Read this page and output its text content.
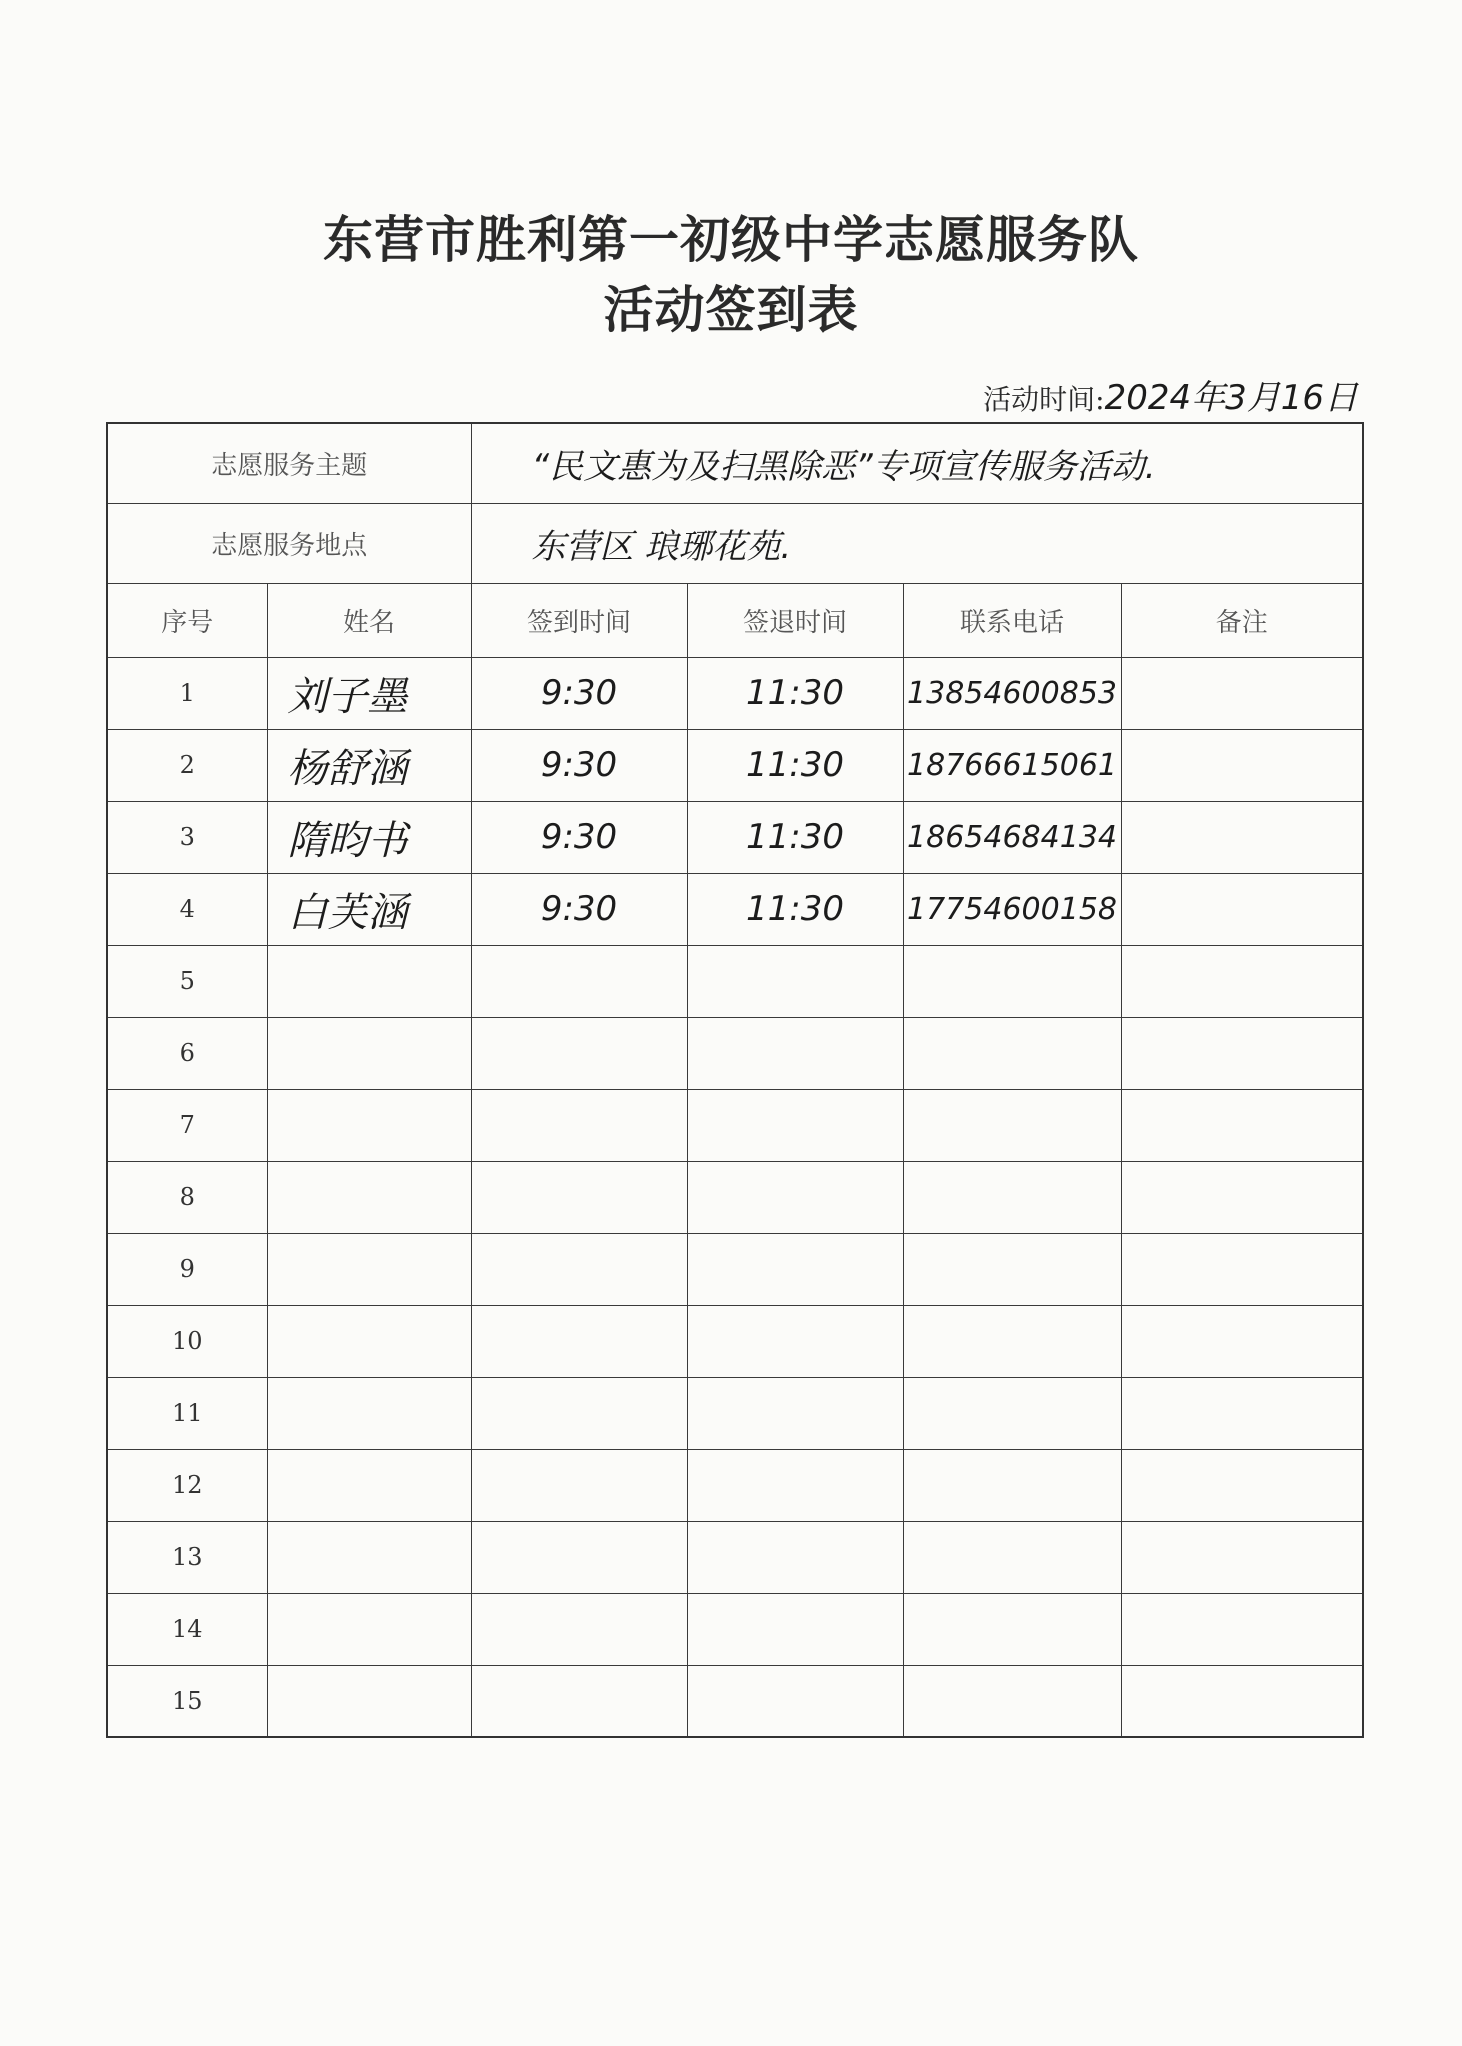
东营市胜利第一初级中学志愿服务队
活动签到表
活动时间:2024年3月16日
志愿服务主题		“民文惠为及扫黑除恶”专项宣传服务活动.			
志愿服务地点		东营区 琅琊花苑.			
序号	姓名	签到时间	签退时间	联系电话	备注
1	刘子墨	9:30	11:30	13854600853	
2	杨舒涵	9:30	11:30	18766615061	
3	隋昀书	9:30	11:30	18654684134	
4	白芙涵	9:30	11:30	17754600158	
5					
6					
7					
8					
9					
10					
11					
12					
13					
14					
15					
